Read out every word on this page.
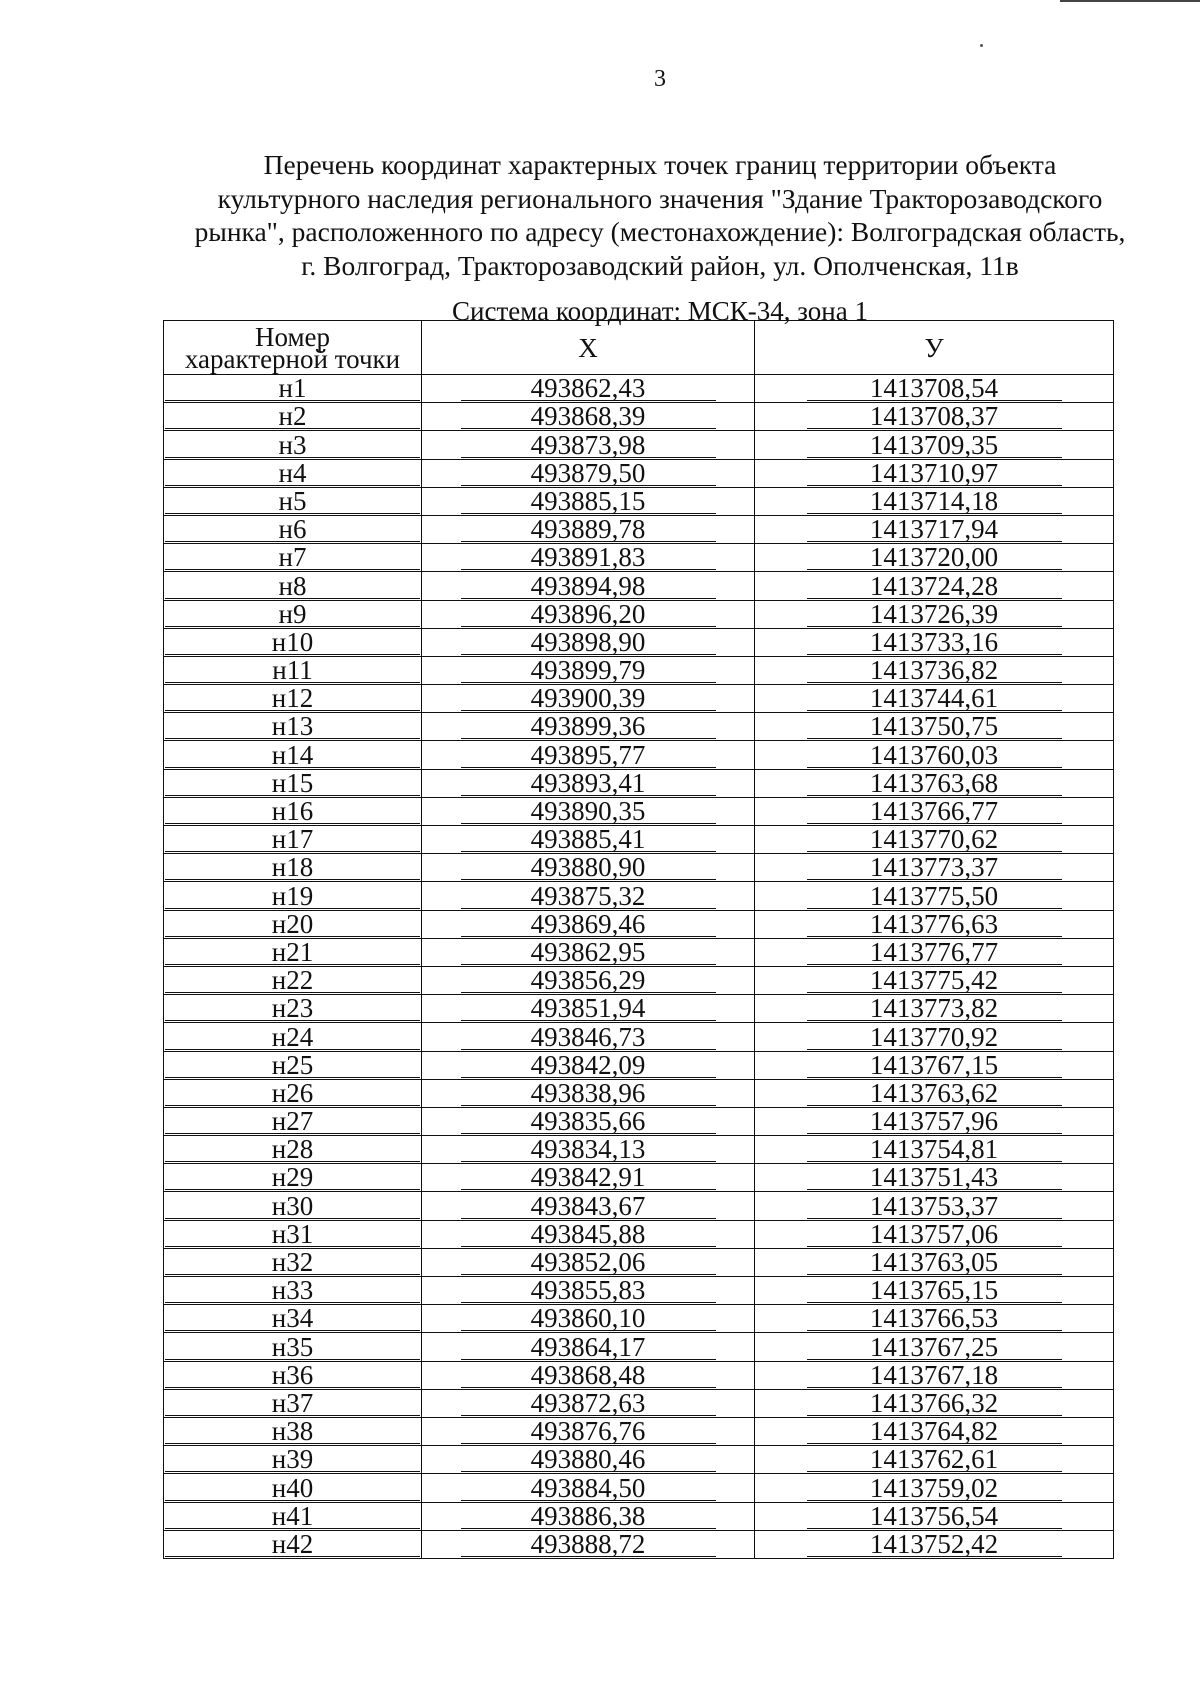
3
Перечень координат характерных точек границ территории объекта
культурного наследия регионального значения "Здание Тракторозаводского
рынка", расположенного по адресу (местонахождение): Волгоградская область,
г. Волгоград, Тракторозаводский район, ул. Ополченская, 11в
Система координат: МСК-34, зона 1
Номер
характерной точки	Х	У
н1	493862,43	1413708,54
н2	493868,39	1413708,37
н3	493873,98	1413709,35
н4	493879,50	1413710,97
н5	493885,15	1413714,18
н6	493889,78	1413717,94
н7	493891,83	1413720,00
н8	493894,98	1413724,28
н9	493896,20	1413726,39
н10	493898,90	1413733,16
н11	493899,79	1413736,82
н12	493900,39	1413744,61
н13	493899,36	1413750,75
н14	493895,77	1413760,03
н15	493893,41	1413763,68
н16	493890,35	1413766,77
н17	493885,41	1413770,62
н18	493880,90	1413773,37
н19	493875,32	1413775,50
н20	493869,46	1413776,63
н21	493862,95	1413776,77
н22	493856,29	1413775,42
н23	493851,94	1413773,82
н24	493846,73	1413770,92
н25	493842,09	1413767,15
н26	493838,96	1413763,62
н27	493835,66	1413757,96
н28	493834,13	1413754,81
н29	493842,91	1413751,43
н30	493843,67	1413753,37
н31	493845,88	1413757,06
н32	493852,06	1413763,05
н33	493855,83	1413765,15
н34	493860,10	1413766,53
н35	493864,17	1413767,25
н36	493868,48	1413767,18
н37	493872,63	1413766,32
н38	493876,76	1413764,82
н39	493880,46	1413762,61
н40	493884,50	1413759,02
н41	493886,38	1413756,54
н42	493888,72	1413752,42
